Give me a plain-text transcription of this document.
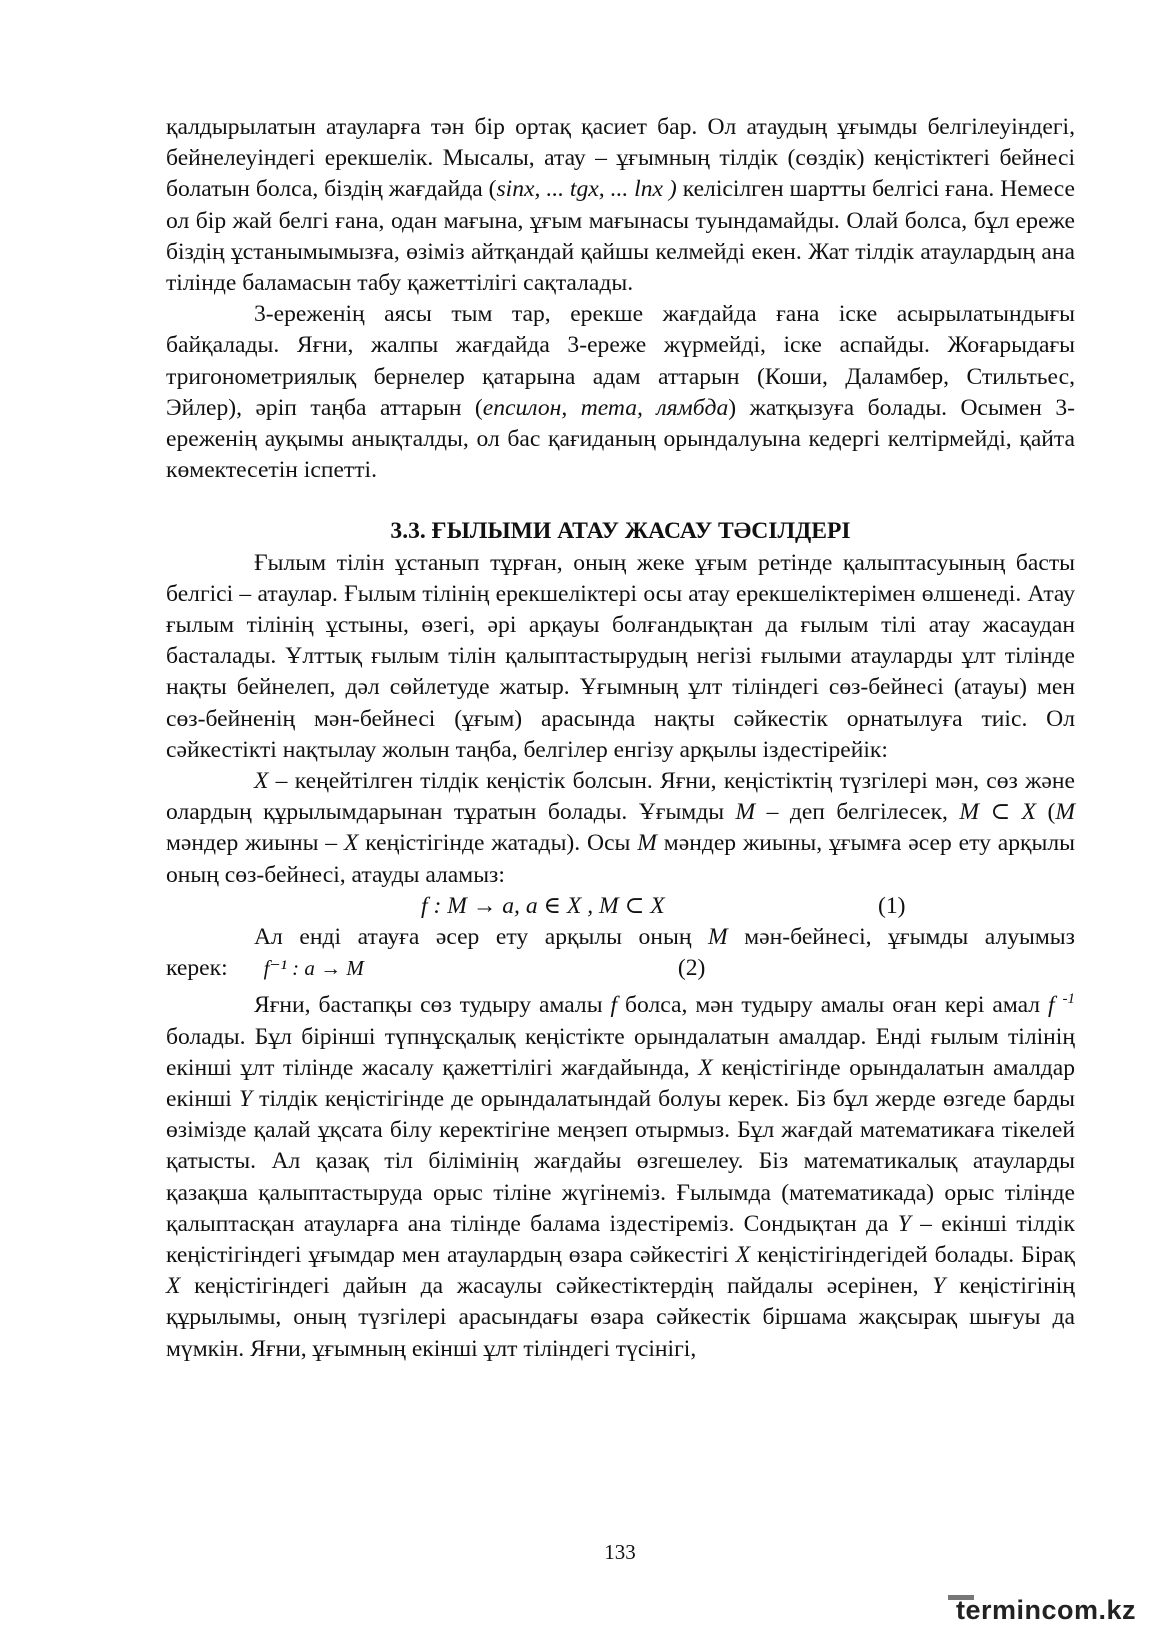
қалдырылатын атауларға тән бір ортақ қасиет бар. Ол атаудың ұғымды белгілеуіндегі, бейнелеуіндегі ерекшелік. Мысалы, атау – ұғымның тілдік (сөздік) кеңістіктегі бейнесі болатын болса, біздің жағдайда (sinx, ... tgx, ... lnx ) келісілген шартты белгісі ғана. Немесе ол бір жай белгі ғана, одан мағына, ұғым мағынасы туындамайды. Олай болса, бұл ереже біздің ұстанымымызға, өзіміз айтқандай қайшы келмейді екен. Жат тілдік атаулардың ана тілінде баламасын табу қажеттілігі сақталады.

3-ереженің аясы тым тар, ерекше жағдайда ғана іске асырылатындығы байқалады. Яғни, жалпы жағдайда 3-ереже жүрмейді, іске аспайды. Жоғарыдағы тригонометриялық бернелер қатарына адам аттарын (Коши, Даламбер, Стильтьес, Эйлер), әріп таңба аттарын (епсилон, тета, лямбда) жатқызуға болады. Осымен 3-ереженің ауқымы анықталды, ол бас қағиданың орындалуына кедергі келтірмейді, қайта көмектесетін іспетті.

3.3. ҒЫЛЫМИ АТАУ ЖАСАУ ТӘСІЛДЕРІ

Ғылым тілін ұстанып тұрған, оның жеке ұғым ретінде қалыптасуының басты белгісі – атаулар. Ғылым тілінің ерекшеліктері осы атау ерекшеліктерімен өлшенеді. Атау ғылым тілінің ұстыны, өзегі, әрі арқауы болғандықтан да ғылым тілі атау жасаудан басталады. Ұлттық ғылым тілін қалыптастырудың негізі ғылыми атауларды ұлт тілінде нақты бейнелеп, дәл сөйлетуде жатыр. Ұғымның ұлт тіліндегі сөз-бейнесі (атауы) мен сөз-бейненің мән-бейнесі (ұғым) арасында нақты сәйкестік орнатылуға тиіс. Ол сәйкестікті нақтылау жолын таңба, белгілер енгізу арқылы іздестірейік:

X – кеңейтілген тілдік кеңістік болсын. Яғни, кеңістіктің түзгілері мән, сөз және олардың құрылымдарынан тұратын болады. Ұғымды M – деп белгілесек, M ⊂ X (M мәндер жиыны – X кеңістігінде жатады). Осы M мәндер жиыны, ұғымға әсер ету арқылы оның сөз-бейнесі, атауды аламыз:

f : M → a, a ∈ X , M ⊂ X	(1)

Ал енді атауға әсер ету арқылы оның M мән-бейнесі, ұғымды алуымыз керек: f⁻¹ : a → M	(2)

Яғни, бастапқы сөз тудыру амалы f болса, мән тудыру амалы оған кері амал f $^{-1}$ болады. Бұл бірінші түпнұсқалық кеңістікте орындалатын амалдар. Енді ғылым тілінің екінші ұлт тілінде жасалу қажеттілігі жағдайында, X кеңістігінде орындалатын амалдар екінші Y тілдік кеңістігінде де орындалатындай болуы керек. Біз бұл жерде өзгеде барды өзімізде қалай ұқсата білу керектігіне меңзеп отырмыз. Бұл жағдай математикаға тікелей қатысты. Ал қазақ тіл білімінің жағдайы өзгешелеу. Біз математикалық атауларды қазақша қалыптастыруда орыс тіліне жүгінеміз. Ғылымда (математикада) орыс тілінде қалыптасқан атауларға ана тілінде балама іздестіреміз. Сондықтан да Y – екінші тілдік кеңістігіндегі ұғымдар мен атаулардың өзара сәйкестігі X кеңістігіндегідей болады. Бірақ X кеңістігіндегі дайын да жасаулы сәйкестіктердің пайдалы әсерінен, Y кеңістігінің құрылымы, оның түзгілері арасындағы өзара сәйкестік біршама жақсырақ шығуы да мүмкін. Яғни, ұғымның екінші ұлт тіліндегі түсінігі,

133
termincom.kz
